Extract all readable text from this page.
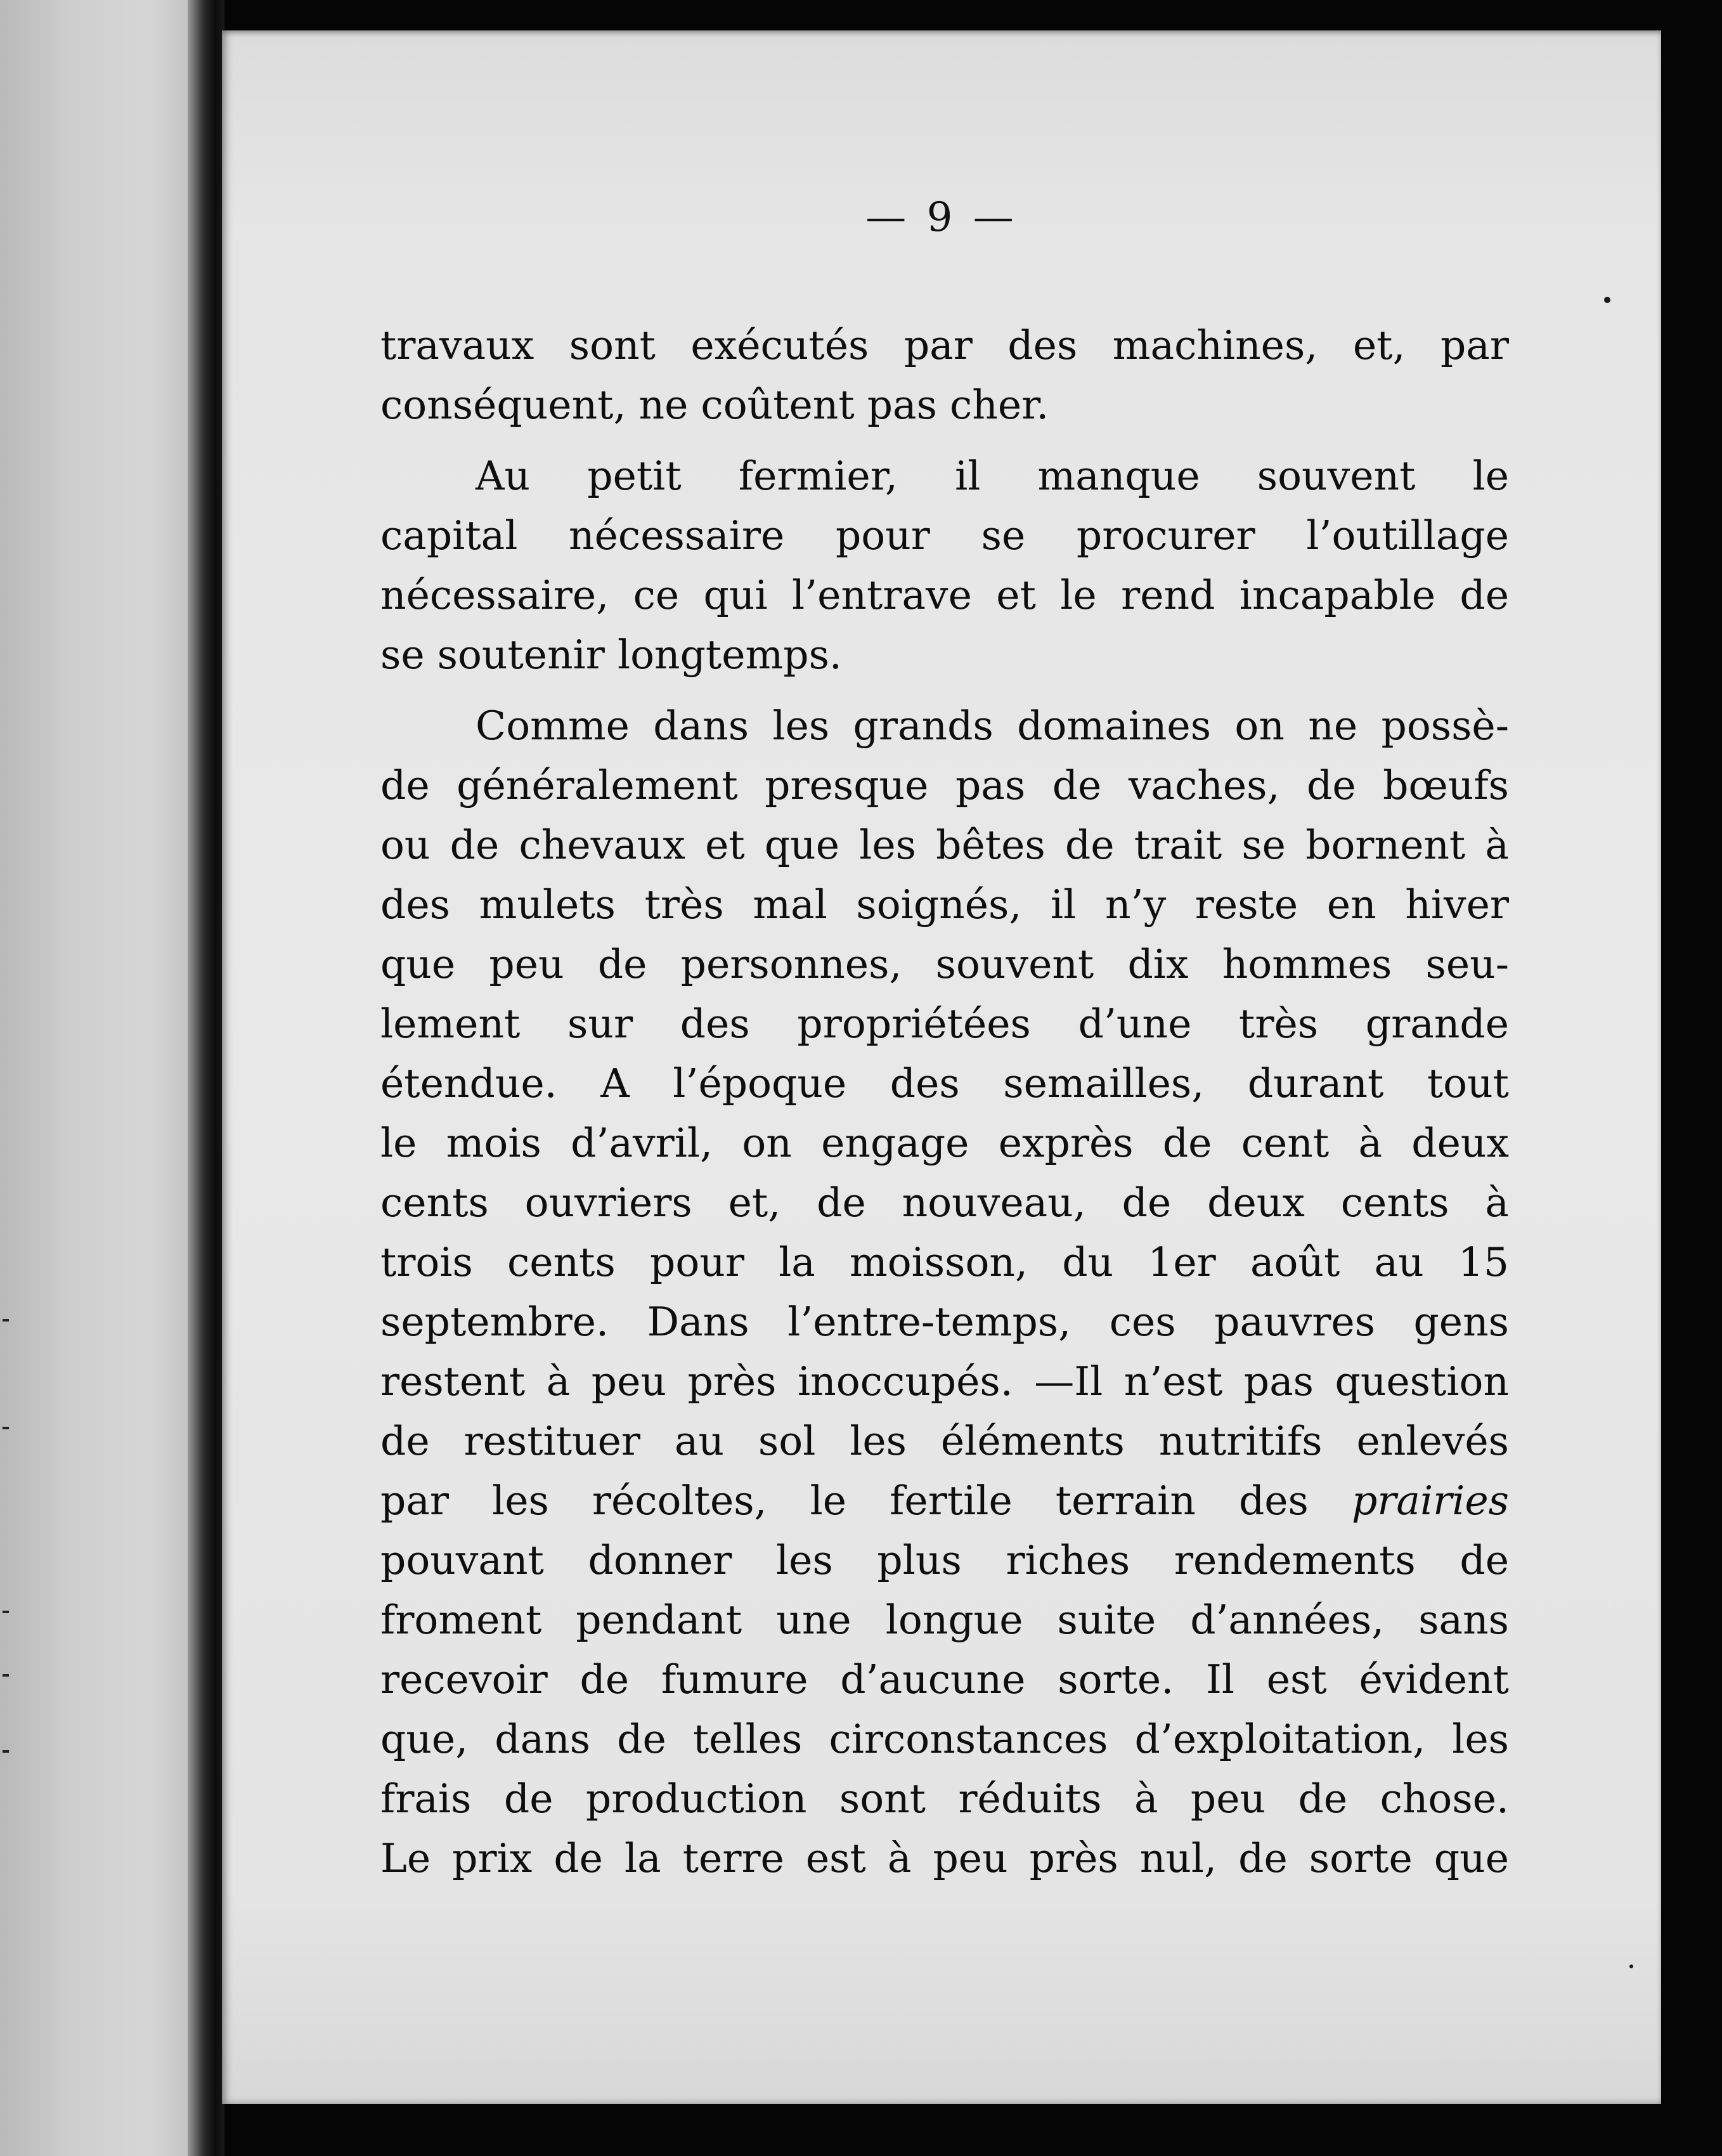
— 9 —
travaux sont exécutés par des machines, et, par
conséquent, ne coûtent pas cher.
Au petit fermier, il manque souvent le
capital nécessaire pour se procurer l’outillage
nécessaire, ce qui l’entrave et le rend incapable de
se soutenir longtemps.
Comme dans les grands domaines on ne possè-
de généralement presque pas de vaches, de bœufs
ou de chevaux et que les bêtes de trait se bornent à
des mulets très mal soignés, il n’y reste en hiver
que peu de personnes, souvent dix hommes seu-
lement sur des propriétées d’une très grande
étendue. A l’époque des semailles, durant tout
le mois d’avril, on engage exprès de cent à deux
cents ouvriers et, de nouveau, de deux cents à
trois cents pour la moisson, du 1er août au 15
septembre. Dans l’entre-temps, ces pauvres gens
restent à peu près inoccupés. —Il n’est pas question
de restituer au sol les éléments nutritifs enlevés
par les récoltes, le fertile terrain des prairies
pouvant donner les plus riches rendements de
froment pendant une longue suite d’années, sans
recevoir de fumure d’aucune sorte. Il est évident
que, dans de telles circonstances d’exploitation, les
frais de production sont réduits à peu de chose.
Le prix de la terre est à peu près nul, de sorte que
